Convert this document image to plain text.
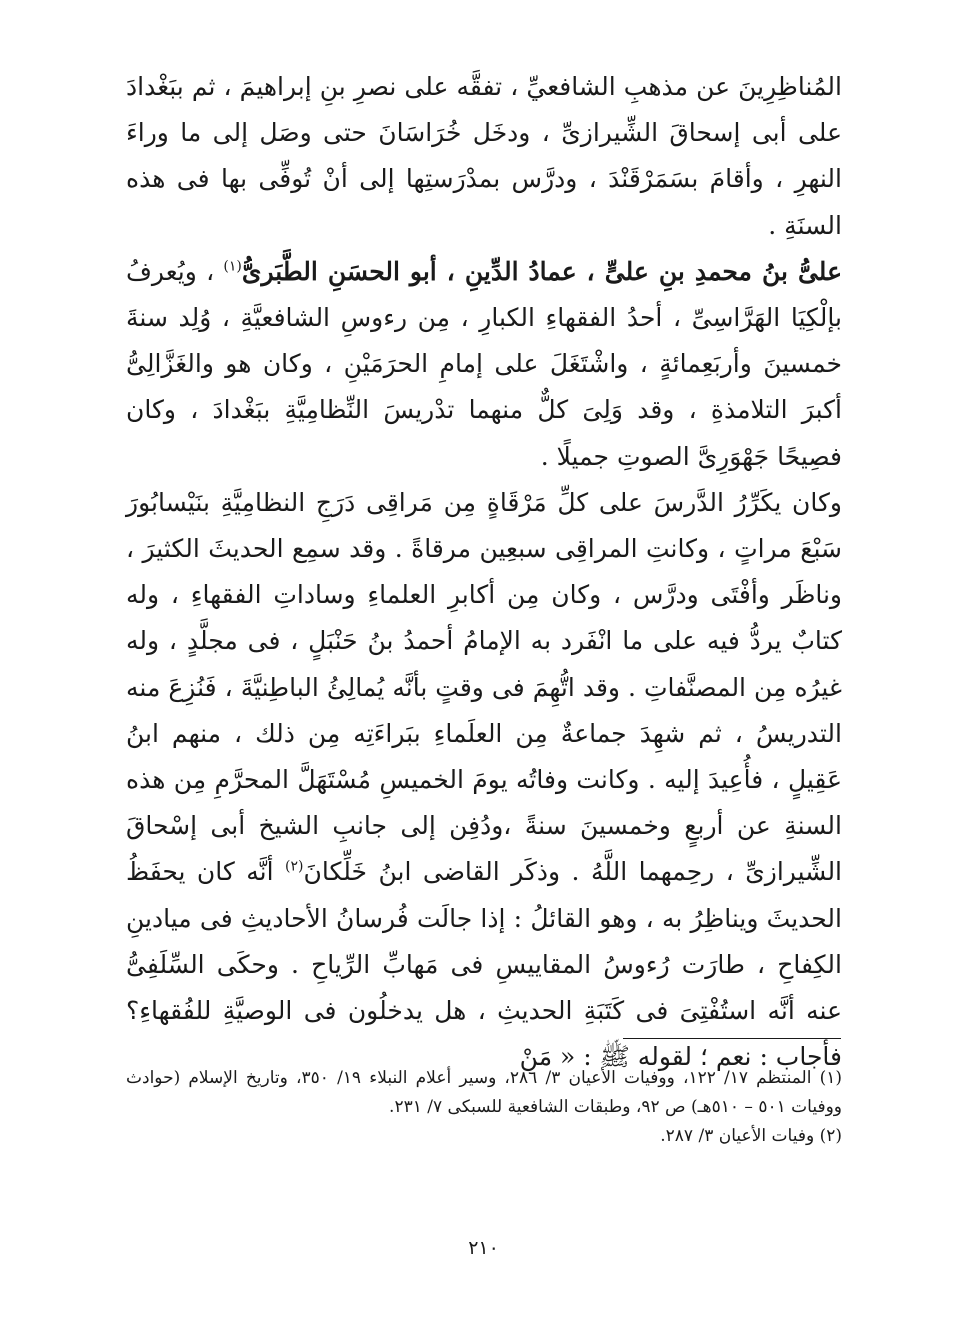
المُناظِرِينَ عن مذهبِ الشافعيِّ ، تفقَّه على نصرِ بنِ إبراهيمَ ، ثم ببَغْدادَ على أبى إسحاقَ الشِّيرازىِّ ، ودخَل خُرَاسَانَ حتى وصَل إلى ما وراءَ النهرِ ، وأقامَ بسَمَرْقَنْدَ ، ودرَّس بمدْرَستِها إلى أنْ تُوفِّى بها فى هذه السنَةِ .

علىُّ بنُ محمدِ بنِ علىٍّ ، عمادُ الدِّينِ ، أبو الحسَنِ الطَّبَرىُّ$^{(١)}$ ، ويُعرفُ بإلْكِيَا الهَرَّاسِىِّ ، أحدُ الفقهاءِ الكبارِ ، مِن رءوسِ الشافعيَّةِ ، وُلِد سنةَ خمسينَ وأربَعِمائةٍ ، واشْتَغَلَ على إمامِ الحرَمَيْنِ ، وكان هو والغَزَّالِىُّ أكبرَ التلامذةِ ، وقد وَلِىَ كلٌّ منهما تدْريسَ النِّظامِيَّةِ ببَغْدادَ ، وكان فصِيحًا جَهْوَرِىَّ الصوتِ جميلًا .

وكان يكَرِّرُ الدَّرسَ على كلِّ مَرْقَاةٍ مِن مَراقِى دَرَجِ النظامِيَّةِ بنَيْسابُورَ سَبْعَ مراتٍ ، وكانتِ المراقِى سبعِين مرقاةً . وقد سمِع الحديثَ الكثيرَ ، وناظَر وأفْتَى ودرَّس ، وكان مِن أكابرِ العلماءِ وساداتِ الفقهاءِ ، وله كتابٌ يردُّ فيه على ما انْفَرد به الإمامُ أحمدُ بنُ حَنْبَلٍ ، فى مجلَّدٍ ، وله غيرُه مِن المصنَّفاتِ . وقد اتُّهِمَ فى وقتٍ بأنَّه يُمالِئُ الباطِنيَّةَ ، فَنُزِعَ منه التدريسُ ، ثم شهِدَ جماعةٌ مِن العلَماءِ ببَراءَتِه مِن ذلك ، منهم ابنُ عَقِيلٍ ، فأُعِيدَ إليه . وكانت وفاتُه يومَ الخميسِ مُسْتَهَلَّ المحرَّمِ مِن هذه السنةِ عن أربعٍ وخمسينَ سنةً ،ودُفِن إلى جانبِ الشيخ أبى إسْحاقَ الشِّيرازىِّ ، رحِمهما اللَّهُ . وذكَر القاضى ابنُ خَلِّكانَ$^{(٢)}$ أنَّه كان يحفَظُ الحديثَ ويناظِرُ به ، وهو القائلُ : إذا جالَت فُرسانُ الأحاديثِ فى ميادينِ الكِفاحِ ، طارَت رُءوسُ المقاييسِ فى مَهابِّ الرِّياحِ . وحكَى السِّلَفِىُّ عنه أنَّه استُفْتِىَ فى كَتَبَةِ الحديثِ ، هل يدخلُون فى الوصيَّةِ للفُقهاءِ؟ فأجاب : نعم ؛ لقوله ﷺ : « مَنْ

(١) المنتظم ١٧/ ١٢٢، ووفيات الأعيان ٣/ ٢٨٦، وسير أعلام النبلاء ١٩/ ٣٥٠، وتاريخ الإسلام (حوادث ووفيات ٥٠١ – ٥١٠هـ) ص ٩٢، وطبقات الشافعية للسبكى ٧/ ٢٣١.

(٢) وفيات الأعيان ٣/ ٢٨٧.

٢١٠
